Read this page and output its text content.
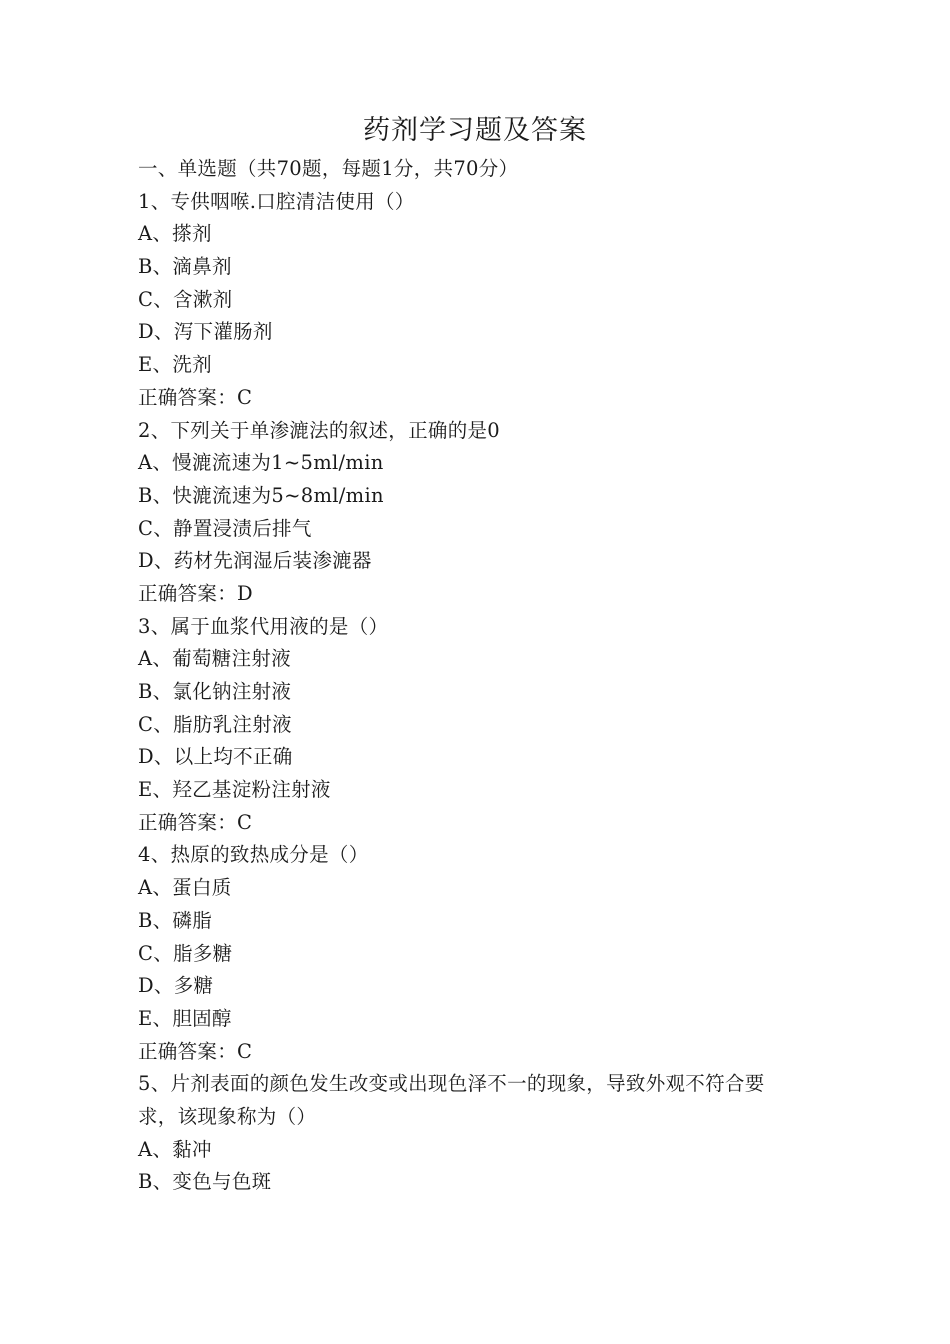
药剂学习题及答案
一、单选题（共70题，每题1分，共70分）
1、专供咽喉.口腔清洁使用（）
A、搽剂
B、滴鼻剂
C、含漱剂
D、泻下灌肠剂
E、洗剂
正确答案：C
2、下列关于单渗漉法的叙述，正确的是0
A、慢漉流速为1~5ml/min
B、快漉流速为5~8ml/min
C、静置浸渍后排气
D、药材先润湿后装渗漉器
正确答案：D
3、属于血浆代用液的是（）
A、葡萄糖注射液
B、氯化钠注射液
C、脂肪乳注射液
D、以上均不正确
E、羟乙基淀粉注射液
正确答案：C
4、热原的致热成分是（）
A、蛋白质
B、磷脂
C、脂多糖
D、多糖
E、胆固醇
正确答案：C
5、片剂表面的颜色发生改变或出现色泽不一的现象，导致外观不符合要
求，该现象称为（）
A、黏冲
B、变色与色斑
